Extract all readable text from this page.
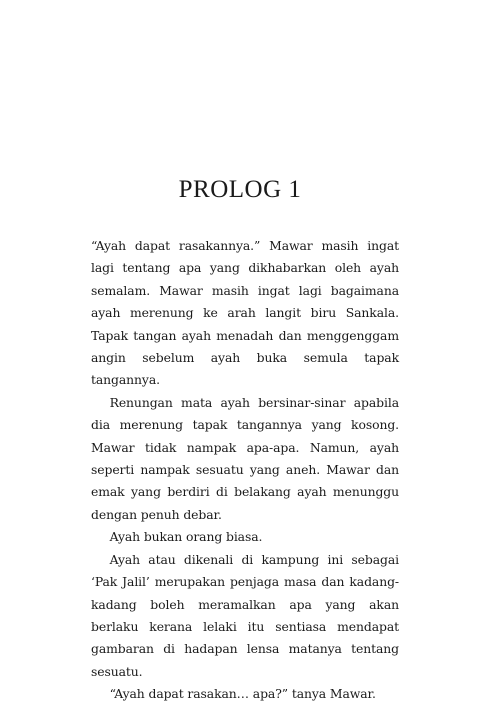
PROLOG 1

“Ayah dapat rasakannya.” Mawar masih ingat lagi tentang apa yang dikhabarkan oleh ayah semalam. Mawar masih ingat lagi bagaimana ayah merenung ke arah langit biru Sankala. Tapak tangan ayah menadah dan menggenggam angin sebelum ayah buka semula tapak tangannya.

Renungan mata ayah bersinar-sinar apabila dia merenung tapak tangannya yang kosong. Mawar tidak nampak apa-apa. Namun, ayah seperti nampak sesuatu yang aneh. Mawar dan emak yang berdiri di belakang ayah menunggu dengan penuh debar.

Ayah bukan orang biasa.

Ayah atau dikenali di kampung ini sebagai ‘Pak Jalil’ merupakan penjaga masa dan kadang-kadang boleh meramalkan apa yang akan berlaku kerana lelaki itu sentiasa mendapat gambaran di hadapan lensa matanya tentang sesuatu.

“Ayah dapat rasakan… apa?” tanya Mawar.
